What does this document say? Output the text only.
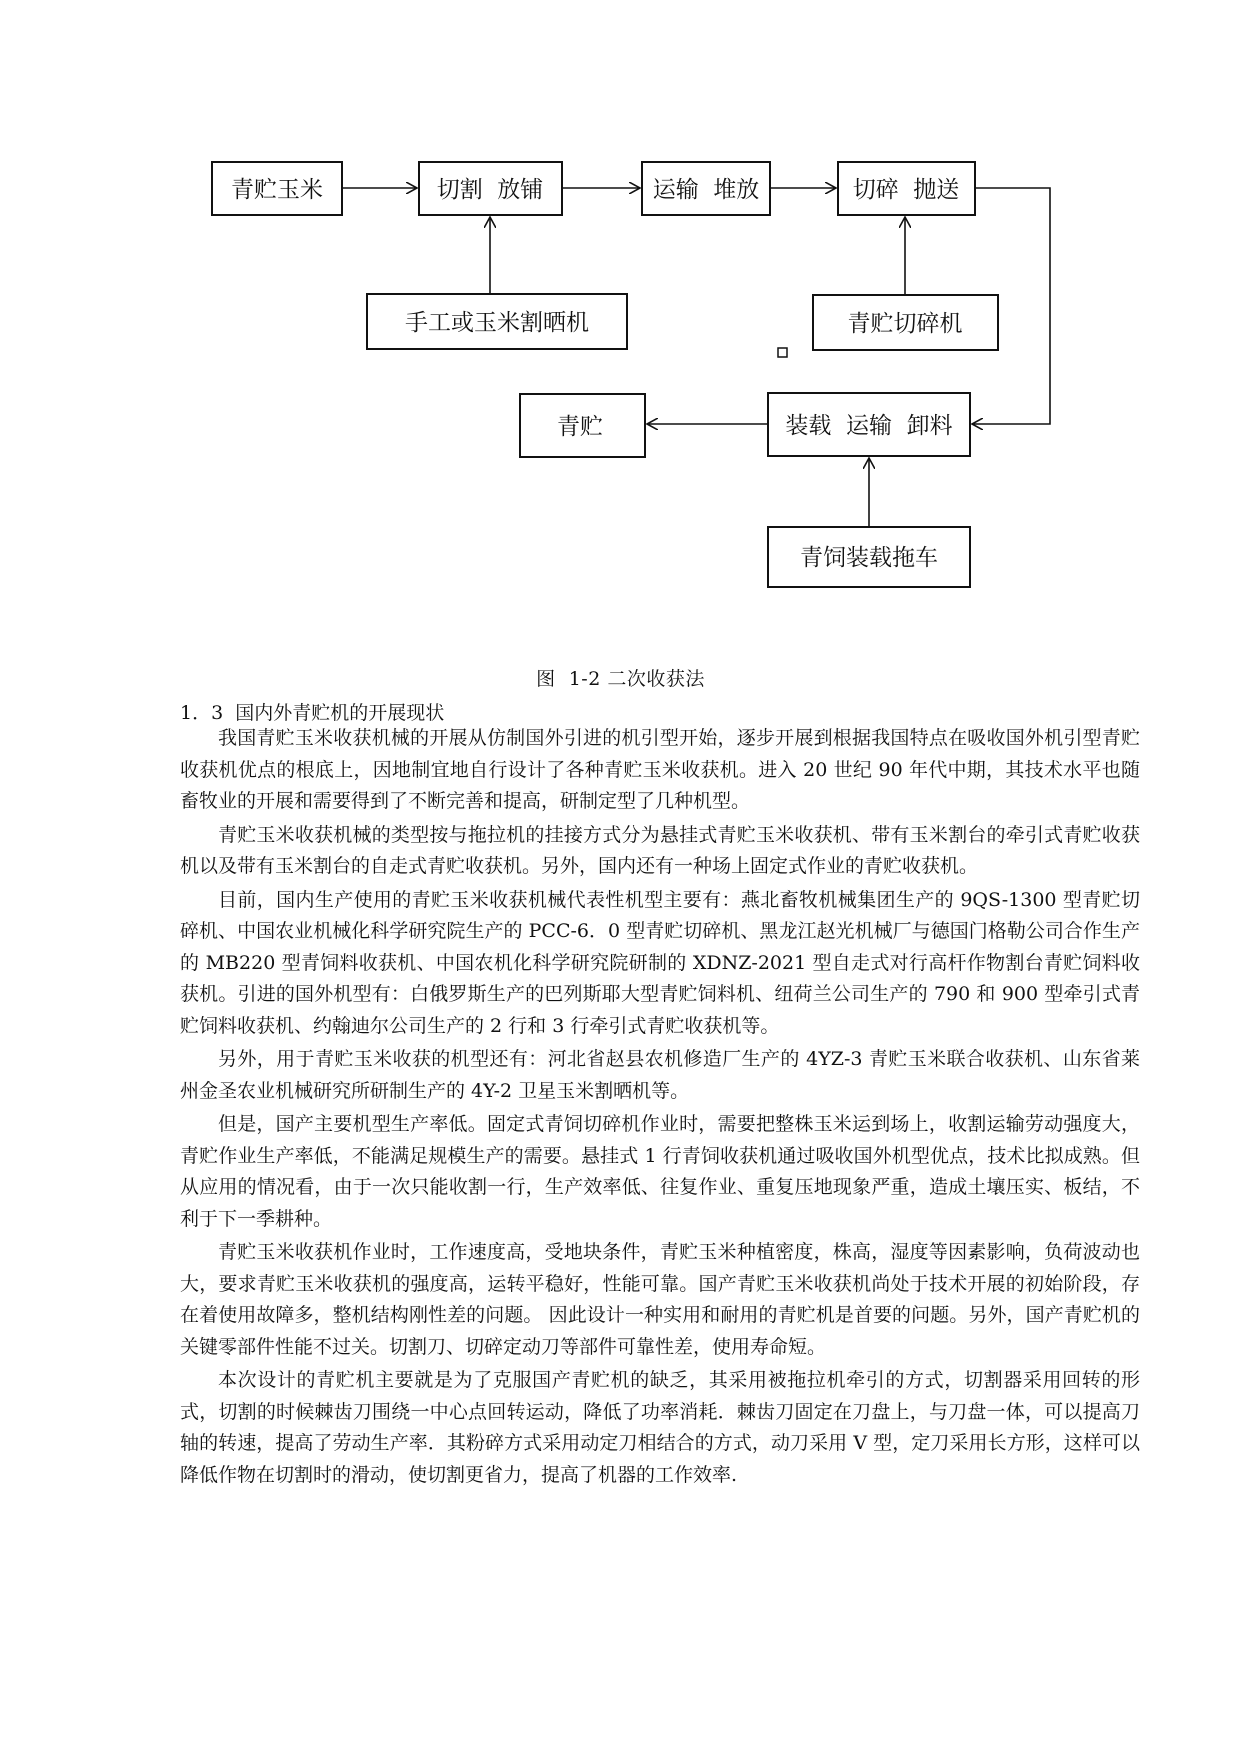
青贮玉米	切割  放铺	运输  堆放	切碎  抛送
手工或玉米割晒机	青贮切碎机
青贮	装载  运输  卸料
青饲装载拖车
图  1-2 二次收获法
1．3  国内外青贮机的开展现状

我国青贮玉米收获机械的开展从仿制国外引进的机引型开始，逐步开展到根据我国特点在吸收国外机引型青贮收获机优点的根底上，因地制宜地自行设计了各种青贮玉米收获机。进入 20 世纪 90 年代中期，其技术水平也随畜牧业的开展和需要得到了不断完善和提高，研制定型了几种机型。

青贮玉米收获机械的类型按与拖拉机的挂接方式分为悬挂式青贮玉米收获机、带有玉米割台的牵引式青贮收获机以及带有玉米割台的自走式青贮收获机。另外，国内还有一种场上固定式作业的青贮收获机。

目前，国内生产使用的青贮玉米收获机械代表性机型主要有：燕北畜牧机械集团生产的 9QS-1300 型青贮切碎机、中国农业机械化科学研究院生产的 PCC-6．0 型青贮切碎机、黑龙江赵光机械厂与德国门格勒公司合作生产的 MB220 型青饲料收获机、中国农机化科学研究院研制的 XDNZ-2021 型自走式对行高杆作物割台青贮饲料收获机。引进的国外机型有：白俄罗斯生产的巴列斯耶大型青贮饲料机、纽荷兰公司生产的 790 和 900 型牵引式青贮饲料收获机、约翰迪尔公司生产的 2 行和 3 行牵引式青贮收获机等。

另外，用于青贮玉米收获的机型还有：河北省赵县农机修造厂生产的 4YZ-3 青贮玉米联合收获机、山东省莱州金圣农业机械研究所研制生产的 4Y-2 卫星玉米割晒机等。

但是，国产主要机型生产率低。固定式青饲切碎机作业时，需要把整株玉米运到场上，收割运输劳动强度大，青贮作业生产率低，不能满足规模生产的需要。悬挂式 1 行青饲收获机通过吸收国外机型优点，技术比拟成熟。但从应用的情况看，由于一次只能收割一行，生产效率低、往复作业、重复压地现象严重，造成土壤压实、板结，不利于下一季耕种。

青贮玉米收获机作业时，工作速度高，受地块条件，青贮玉米种植密度，株高，湿度等因素影响，负荷波动也大，要求青贮玉米收获机的强度高，运转平稳好，性能可靠。国产青贮玉米收获机尚处于技术开展的初始阶段，存在着使用故障多，整机结构刚性差的问题。 因此设计一种实用和耐用的青贮机是首要的问题。另外，国产青贮机的关键零部件性能不过关。切割刀、切碎定动刀等部件可靠性差，使用寿命短。

本次设计的青贮机主要就是为了克服国产青贮机的缺乏，其采用被拖拉机牵引的方式，切割器采用回转的形式，切割的时候棘齿刀围绕一中心点回转运动，降低了功率消耗．棘齿刀固定在刀盘上，与刀盘一体，可以提高刀轴的转速，提高了劳动生产率．其粉碎方式采用动定刀相结合的方式，动刀采用 V 型，定刀采用长方形，这样可以降低作物在切割时的滑动，使切割更省力，提高了机器的工作效率.
